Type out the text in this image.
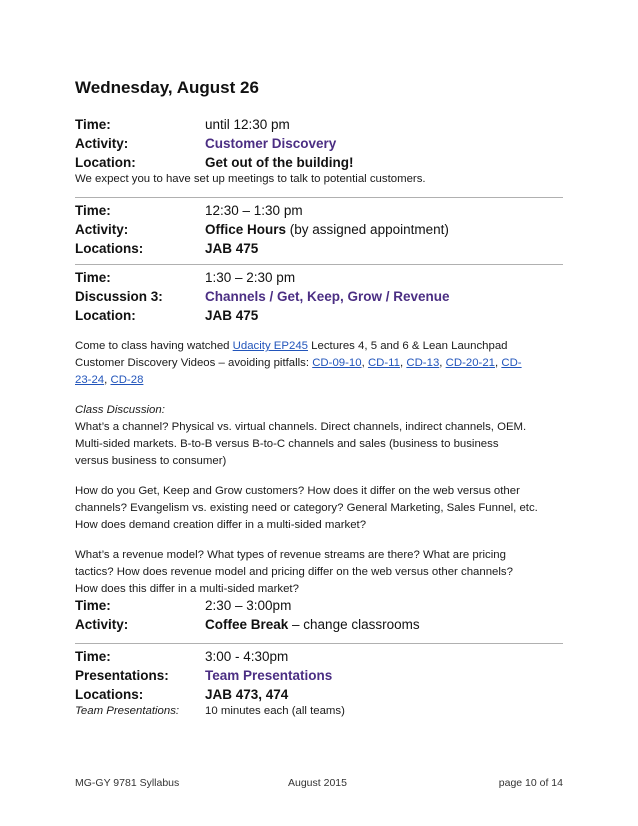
Wednesday, August 26
Time:	until 12:30 pm
Activity:	Customer Discovery
Location:	Get out of the building!
We expect you to have set up meetings to talk to potential customers.
Time:	12:30 – 1:30 pm
Activity:	Office Hours (by assigned appointment)
Locations:	JAB 475
Time:	1:30 – 2:30 pm
Discussion 3:	Channels / Get, Keep, Grow / Revenue
Location:	JAB 475
Come to class having watched Udacity EP245 Lectures 4, 5 and 6 & Lean Launchpad
Customer Discovery Videos – avoiding pitfalls: CD-09-10, CD-11, CD-13, CD-20-21, CD-
23-24, CD-28
Class Discussion:
What’s a channel? Physical vs. virtual channels. Direct channels, indirect channels, OEM.
Multi-sided markets. B-to-B versus B-to-C channels and sales (business to business
versus business to consumer)
How do you Get, Keep and Grow customers? How does it differ on the web versus other
channels? Evangelism vs. existing need or category? General Marketing, Sales Funnel, etc.
How does demand creation differ in a multi-sided market?
What’s a revenue model? What types of revenue streams are there? What are pricing
tactics? How does revenue model and pricing differ on the web versus other channels?
How does this differ in a multi-sided market?
Time:	2:30 – 3:00pm
Activity:	Coffee Break – change classrooms
Time:	3:00 - 4:30pm
Presentations:	Team Presentations
Locations:	JAB 473, 474
Team Presentations: 10 minutes each (all teams)
MG-GY 9781 Syllabus	August 2015	page 10 of 14
